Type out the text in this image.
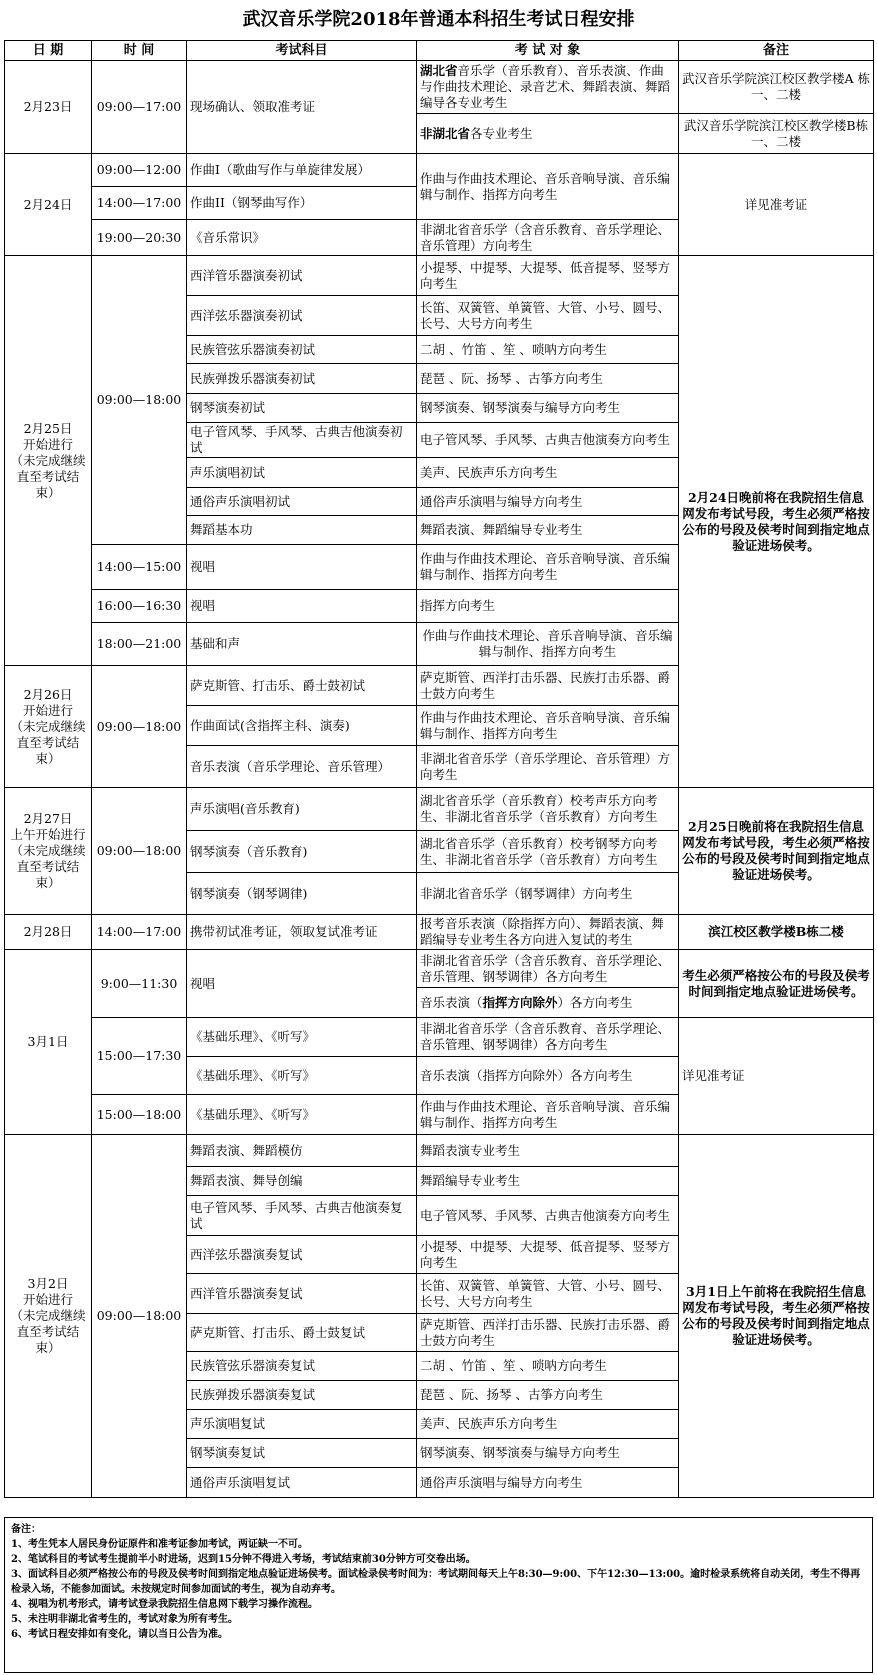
武汉音乐学院2018年普通本科招生考试日程安排
日 期	时 间	考试科目	考 试 对 象	备注
2月23日	09:00—17:00	现场确认、领取准考证	湖北省音乐学（音乐教育）、音乐表演、作曲与作曲技术理论、录音艺术、舞蹈表演、舞蹈编导各专业考生	武汉音乐学院滨江校区教学楼A 栋一、二楼
			非湖北省各专业考生	武汉音乐学院滨江校区教学楼B栋一、二楼
2月24日	09:00—12:00	作曲I（歌曲写作与单旋律发展）	作曲与作曲技术理论、音乐音响导演、音乐编辑与制作、指挥方向考生	详见准考证
	14:00—17:00	作曲II（钢琴曲写作）		
	19:00—20:30	《音乐常识》	非湖北省音乐学（含音乐教育、音乐学理论、音乐管理）方向考生	
2月25日
开始进行
（未完成继续直至考试结束）	09:00—18:00	西洋管乐器演奏初试	小提琴、中提琴、大提琴、低音提琴、竖琴方向考生	2月24日晚前将在我院招生信息网发布考试号段，考生必须严格按公布的号段及侯考时间到指定地点验证进场侯考。
		西洋弦乐器演奏初试	长笛、双簧管、单簧管、大管、小号、圆号、长号、大号方向考生	
		民族管弦乐器演奏初试	二胡 、竹笛 、笙 、唢呐方向考生	
		民族弹拨乐器演奏初试	琵琶 、阮、扬琴 、古筝方向考生	
		钢琴演奏初试	钢琴演奏、钢琴演奏与编导方向考生	
		电子管风琴、手风琴、古典吉他演奏初试	电子管风琴、手风琴、古典吉他演奏方向考生	
		声乐演唱初试	美声、民族声乐方向考生	
		通俗声乐演唱初试	通俗声乐演唱与编导方向考生	
		舞蹈基本功	舞蹈表演、舞蹈编导专业考生	
	14:00—15:00	视唱	作曲与作曲技术理论、音乐音响导演、音乐编辑与制作、指挥方向考生	
	16:00—16:30	视唱	指挥方向考生	
	18:00—21:00	基础和声	作曲与作曲技术理论、音乐音响导演、音乐编辑与制作、指挥方向考生	
2月26日
开始进行
（未完成继续直至考试结束）	09:00—18:00	萨克斯管、打击乐、爵士鼓初试	萨克斯管、西洋打击乐器、民族打击乐器、爵士鼓方向考生	
		作曲面试(含指挥主科、演奏)	作曲与作曲技术理论、音乐音响导演、音乐编辑与制作、指挥方向考生	
		音乐表演（音乐学理论、音乐管理）	非湖北省音乐学（音乐学理论、音乐管理）方向考生	
2月27日
上午开始进行
（未完成继续直至考试结束）	09:00—18:00	声乐演唱(音乐教育)	湖北省音乐学（音乐教育）校考声乐方向考生、非湖北省音乐学（音乐教育）方向考生	2月25日晚前将在我院招生信息网发布考试号段，考生必须严格按公布的号段及侯考时间到指定地点验证进场侯考。
		钢琴演奏（音乐教育)	湖北省音乐学（音乐教育）校考钢琴方向考生、非湖北省音乐学（音乐教育）方向考生	
		钢琴演奏（钢琴调律)	非湖北省音乐学（钢琴调律）方向考生	
2月28日	14:00—17:00	携带初试准考证，领取复试准考证	报考音乐表演（除指挥方向）、舞蹈表演、舞蹈编导专业考生各方向进入复试的考生	滨江校区教学楼B栋二楼
3月1日	9:00—11:30	视唱	非湖北省音乐学（含音乐教育、音乐学理论、音乐管理、钢琴调律）各方向考生	考生必须严格按公布的号段及侯考时间到指定地点验证进场侯考。
			音乐表演（指挥方向除外）各方向考生	
	15:00—17:30	《基础乐理》、《听写》	非湖北省音乐学（含音乐教育、音乐学理论、音乐管理、钢琴调律）各方向考生	详见准考证
		《基础乐理》、《听写》	音乐表演（指挥方向除外）各方向考生	
	15:00—18:00	《基础乐理》、《听写》	作曲与作曲技术理论、音乐音响导演、音乐编辑与制作、指挥方向考生	
3月2日
开始进行
（未完成继续直至考试结束）	09:00—18:00	舞蹈表演、舞蹈模仿	舞蹈表演专业考生	3月1日上午前将在我院招生信息网发布考试号段，考生必须严格按公布的号段及侯考时间到指定地点验证进场侯考。
		舞蹈表演、舞导创编	舞蹈编导专业考生	
		电子管风琴、手风琴、古典吉他演奏复试	电子管风琴、手风琴、古典吉他演奏方向考生	
		西洋弦乐器演奏复试	小提琴、中提琴、大提琴、低音提琴、竖琴方向考生	
		西洋管乐器演奏复试	长笛、双簧管、单簧管、大管、小号、圆号、长号、大号方向考生	
		萨克斯管、打击乐、爵士鼓复试	萨克斯管、西洋打击乐器、民族打击乐器、爵士鼓方向考生	
		民族管弦乐器演奏复试	二胡 、竹笛 、笙 、唢呐方向考生	
		民族弹拨乐器演奏复试	琵琶 、阮、扬琴 、古筝方向考生	
		声乐演唱复试	美声、民族声乐方向考生	
		钢琴演奏复试	钢琴演奏、钢琴演奏与编导方向考生	
		通俗声乐演唱复试	通俗声乐演唱与编导方向考生	
备注：
1、考生凭本人居民身份证原件和准考证参加考试，两证缺一不可。
2、笔试科目的考试考生提前半小时进场，迟到15分钟不得进入考场，考试结束前30分钟方可交卷出场。
3、面试科目必须严格按公布的号段及侯考时间到指定地点验证进场侯考。面试检录侯考时间为：考试期间每天上午8:30—9:00、下午12:30—13:00。逾时检录系统将自动关闭，考生不得再检录入场，不能参加面试。未按规定时间参加面试的考生，视为自动弃考。
4、视唱为机考形式，请考试登录我院招生信息网下载学习操作流程。
5、未注明非湖北省考生的，考试对象为所有考生。
6、考试日程安排如有变化，请以当日公告为准。
